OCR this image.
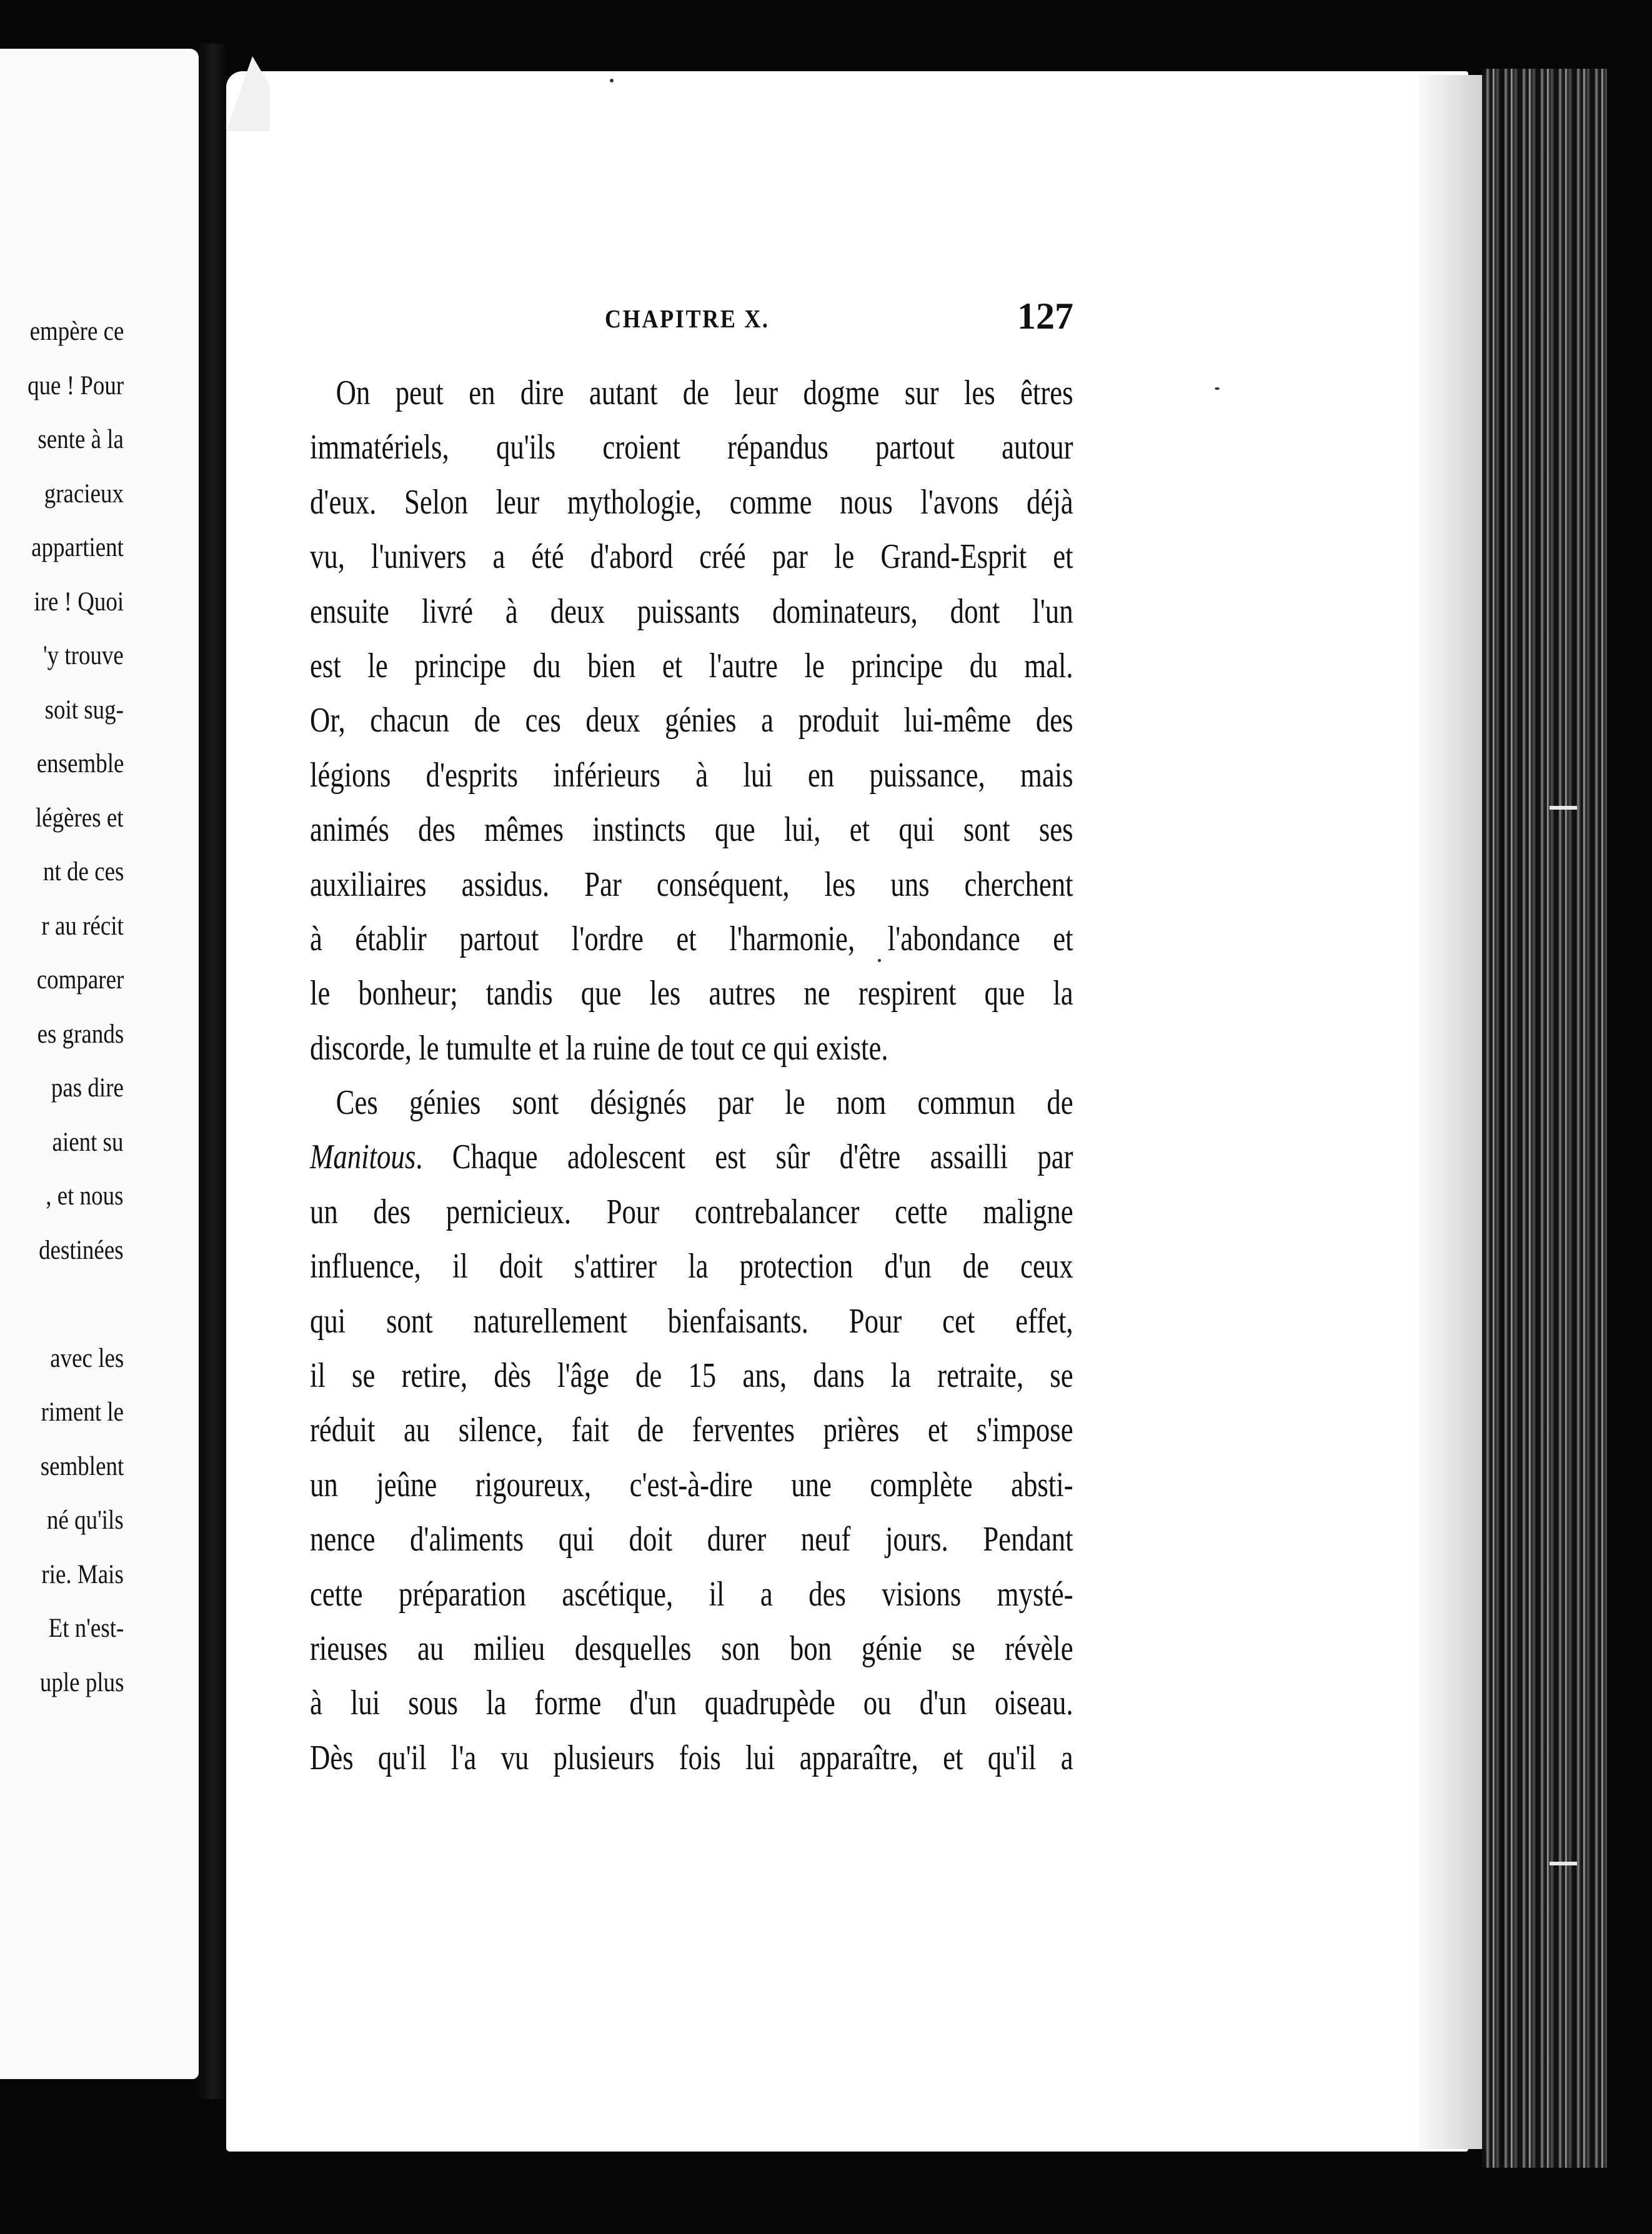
empère ce
que ! Pour
sente à la
gracieux
appartient
ire ! Quoi
'y trouve
soit sug-
ensemble
légères et
nt de ces
r au récit
comparer
es grands
pas dire
aient su
, et nous
destinées
avec les
riment le
semblent
né qu'ils
rie. Mais
Et n'est-
uple plus
CHAPITRE X.	127
On peut en dire autant de leur dogme sur les êtres
immatériels, qu'ils croient répandus partout autour
d'eux. Selon leur mythologie, comme nous l'avons déjà
vu, l'univers a été d'abord créé par le Grand-Esprit et
ensuite livré à deux puissants dominateurs, dont l'un
est le principe du bien et l'autre le principe du mal.
Or, chacun de ces deux génies a produit lui-même des
légions d'esprits inférieurs à lui en puissance, mais
animés des mêmes instincts que lui, et qui sont ses
auxiliaires assidus. Par conséquent, les uns cherchent
à établir partout l'ordre et l'harmonie, l'abondance et
le bonheur; tandis que les autres ne respirent que la
discorde, le tumulte et la ruine de tout ce qui existe.
Ces génies sont désignés par le nom commun de
Manitous. Chaque adolescent est sûr d'être assailli par
un des pernicieux. Pour contrebalancer cette maligne
influence, il doit s'attirer la protection d'un de ceux
qui sont naturellement bienfaisants. Pour cet effet,
il se retire, dès l'âge de 15 ans, dans la retraite, se
réduit au silence, fait de ferventes prières et s'impose
un jeûne rigoureux, c'est-à-dire une complète absti-
nence d'aliments qui doit durer neuf jours. Pendant
cette préparation ascétique, il a des visions mysté-
rieuses au milieu desquelles son bon génie se révèle
à lui sous la forme d'un quadrupède ou d'un oiseau.
Dès qu'il l'a vu plusieurs fois lui apparaître, et qu'il a
